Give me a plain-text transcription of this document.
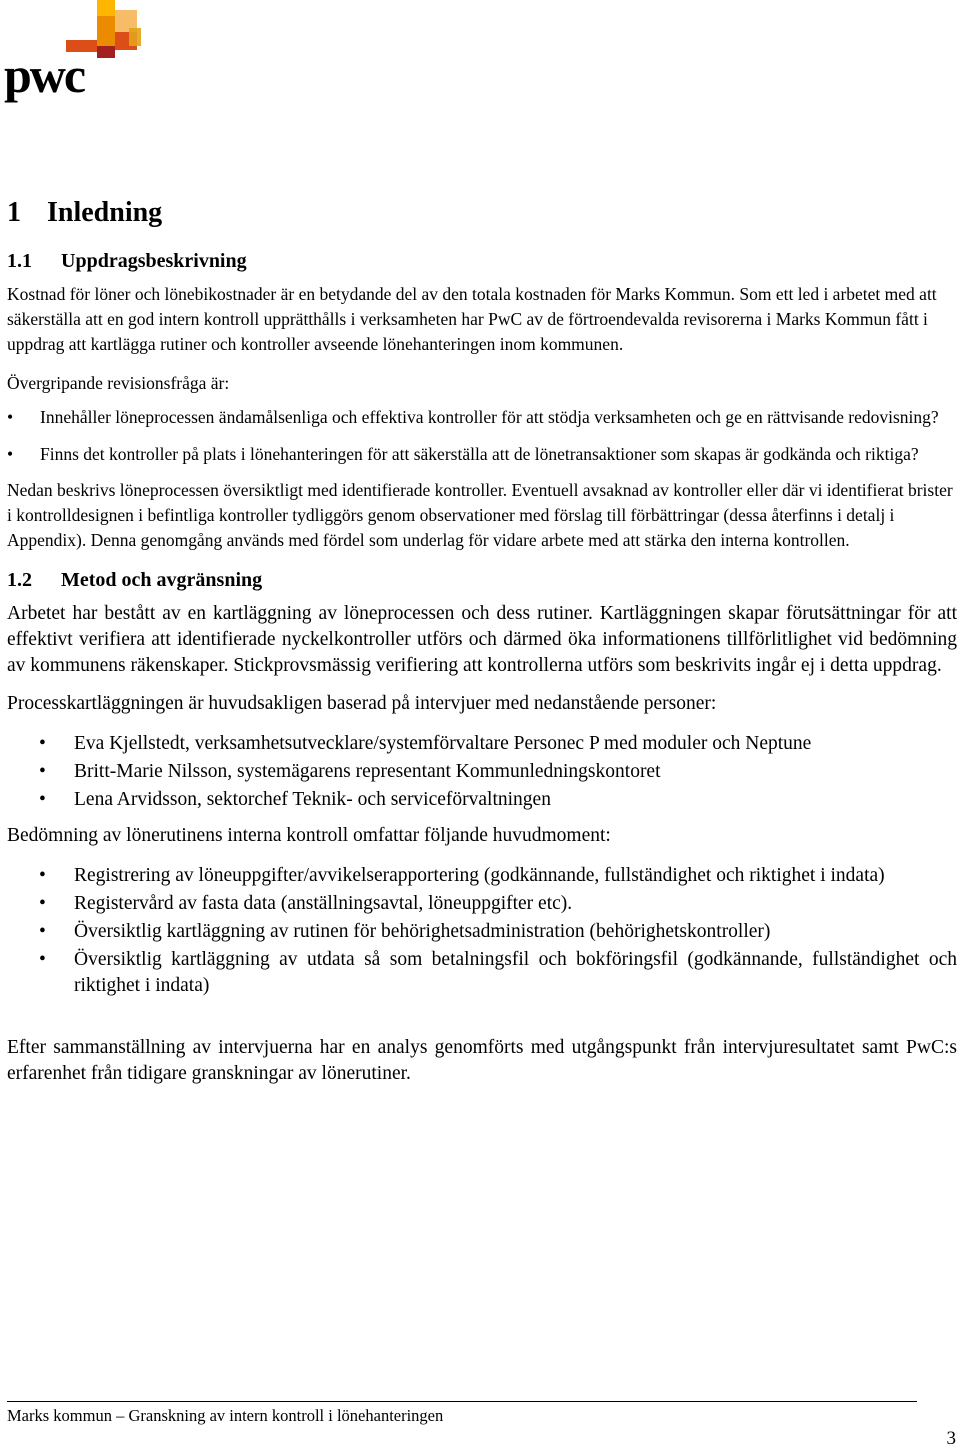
pwc
1 Inledning
1.1 Uppdragsbeskrivning

Kostnad för löner och lönebikostnader är en betydande del av den totala kostnaden för Marks Kommun. Som ett led i arbetet med att säkerställa att en god intern kontroll upprätthålls i verksamheten har PwC av de förtroendevalda revisorerna i Marks Kommun fått i uppdrag att kartlägga rutiner och kontroller avseende lönehanteringen inom kommunen.

Övergripande revisionsfråga är:

• Innehåller löneprocessen ändamålsenliga och effektiva kontroller för att stödja verksamheten och ge en rättvisande redovisning?
• Finns det kontroller på plats i lönehanteringen för att säkerställa att de lönetransaktioner som skapas är godkända och riktiga?

Nedan beskrivs löneprocessen översiktligt med identifierade kontroller. Eventuell avsaknad av kontroller eller där vi identifierat brister i kontrolldesignen i befintliga kontroller tydliggörs genom observationer med förslag till förbättringar (dessa återfinns i detalj i Appendix). Denna genomgång används med fördel som underlag för vidare arbete med att stärka den interna kontrollen.

1.2 Metod och avgränsning

Arbetet har bestått av en kartläggning av löneprocessen och dess rutiner. Kartläggningen skapar förutsättningar för att effektivt verifiera att identifierade nyckelkontroller utförs och därmed öka informationens tillförlitlighet vid bedömning av kommunens räkenskaper. Stickprovsmässig verifiering att kontrollerna utförs som beskrivits ingår ej i detta uppdrag.

Processkartläggningen är huvudsakligen baserad på intervjuer med nedanstående personer:

• Eva Kjellstedt, verksamhetsutvecklare/systemförvaltare Personec P med moduler och Neptune
• Britt-Marie Nilsson, systemägarens representant Kommunledningskontoret
• Lena Arvidsson, sektorchef Teknik- och serviceförvaltningen

Bedömning av lönerutinens interna kontroll omfattar följande huvudmoment:

• Registrering av löneuppgifter/avvikelserapportering (godkännande, fullständighet och riktighet i indata)
• Registervård av fasta data (anställningsavtal, löneuppgifter etc).
• Översiktlig kartläggning av rutinen för behörighetsadministration (behörighetskontroller)
• Översiktlig kartläggning av utdata så som betalningsfil och bokföringsfil (godkännande, fullständighet och riktighet i indata)

Efter sammanställning av intervjuerna har en analys genomförts med utgångspunkt från intervjuresultatet samt PwC:s erfarenhet från tidigare granskningar av lönerutiner.

Marks kommun – Granskning av intern kontroll i lönehanteringen
3
